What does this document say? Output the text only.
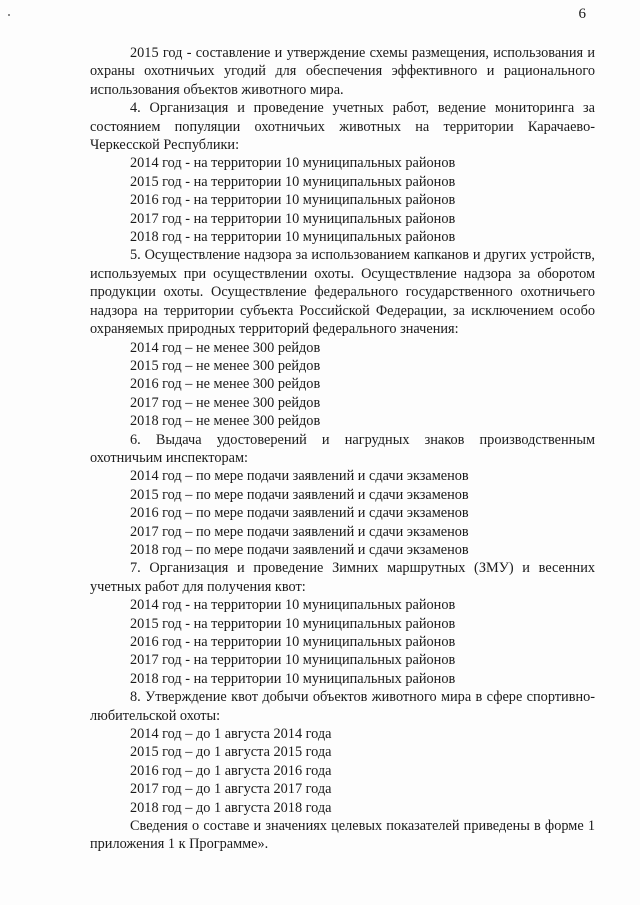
6

2015 год - составление и утверждение схемы размещения, использования и охраны охотничьих угодий для обеспечения эффективного и рационального использования объектов животного мира.

4. Организация и проведение учетных работ, ведение мониторинга за состоянием популяции охотничьих животных на территории Карачаево-Черкесской Республики:

2014 год - на территории 10 муниципальных районов

2015 год - на территории 10 муниципальных районов

2016 год - на территории 10 муниципальных районов

2017 год - на территории 10 муниципальных районов

2018 год - на территории 10 муниципальных районов

5. Осуществление надзора за использованием капканов и других устройств, используемых при осуществлении охоты. Осуществление надзора за оборотом продукции охоты. Осуществление федерального государственного охотничьего надзора на территории субъекта Российской Федерации, за исключением особо охраняемых природных территорий федерального значения:

2014 год – не менее 300 рейдов

2015 год – не менее 300 рейдов

2016 год – не менее 300 рейдов

2017 год – не менее 300 рейдов

2018 год – не менее 300 рейдов

6. Выдача удостоверений и нагрудных знаков производственным охотничьим инспекторам:

2014 год – по мере подачи заявлений и сдачи экзаменов

2015 год – по мере подачи заявлений и сдачи экзаменов

2016 год – по мере подачи заявлений и сдачи экзаменов

2017 год – по мере подачи заявлений и сдачи экзаменов

2018 год – по мере подачи заявлений и сдачи экзаменов

7. Организация и проведение Зимних маршрутных (ЗМУ) и весенних учетных работ для получения квот:

2014 год - на территории 10 муниципальных районов

2015 год - на территории 10 муниципальных районов

2016 год - на территории 10 муниципальных районов

2017 год - на территории 10 муниципальных районов

2018 год - на территории 10 муниципальных районов

8. Утверждение квот добычи объектов животного мира в сфере спортивно-любительской охоты:

2014 год – до 1 августа 2014 года

2015 год – до 1 августа 2015 года

2016 год – до 1 августа 2016 года

2017 год – до 1 августа 2017 года

2018 год – до 1 августа 2018 года

Сведения о составе и значениях целевых показателей приведены в форме 1 приложения 1 к Программе».
